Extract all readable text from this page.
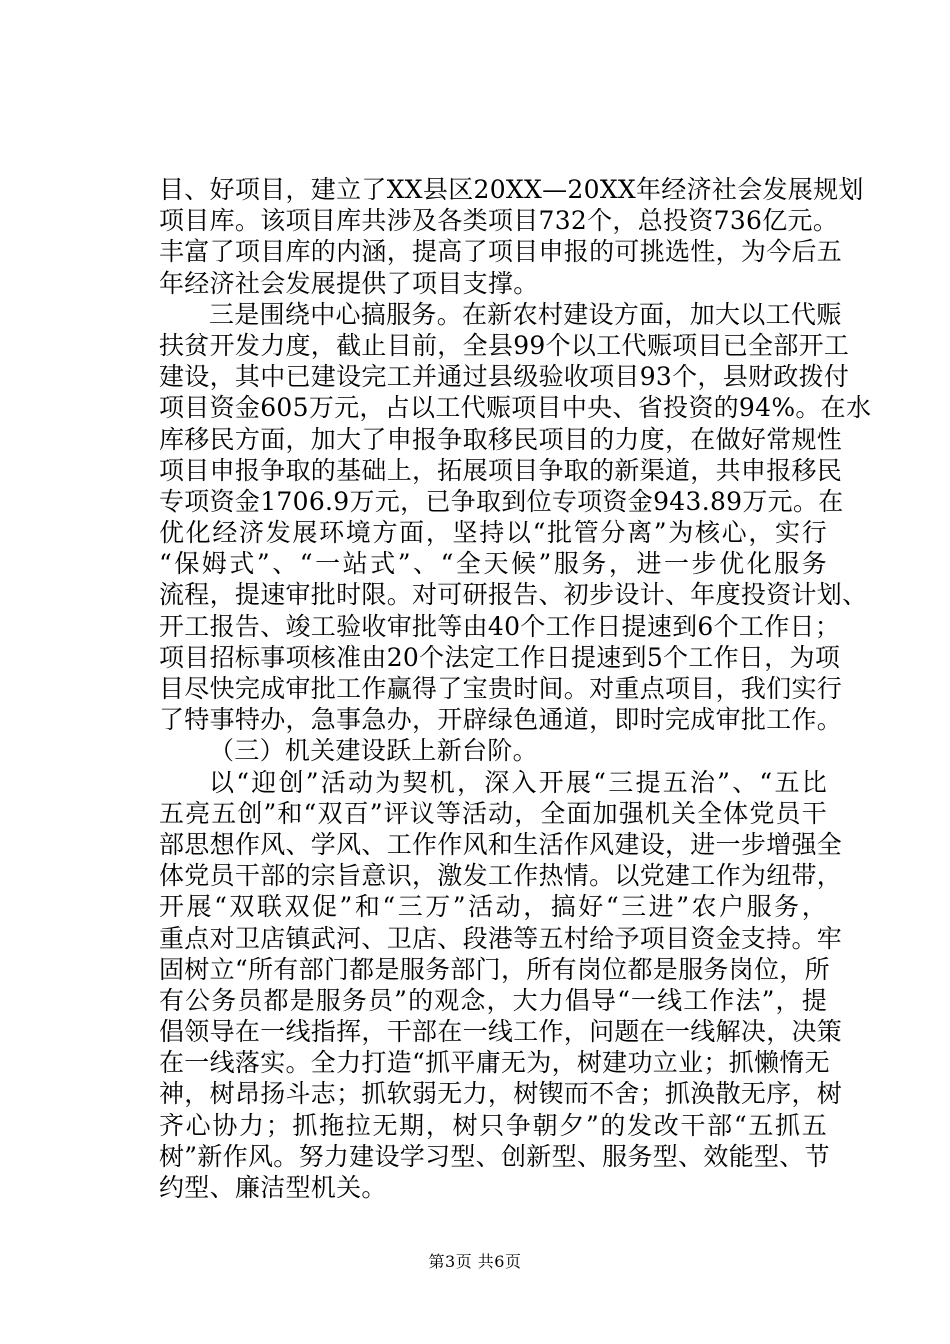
目、好项目，建立了XX县区20XX—20XX年经济社会发展规划
项目库。该项目库共涉及各类项目732个，总投资736亿元。
丰富了项目库的内涵，提高了项目申报的可挑选性，为今后五
年经济社会发展提供了项目支撑。
三是围绕中心搞服务。在新农村建设方面，加大以工代赈
扶贫开发力度，截止目前，全县99个以工代赈项目已全部开工
建设，其中已建设完工并通过县级验收项目93个，县财政拨付
项目资金605万元，占以工代赈项目中央、省投资的94%。在水
库移民方面，加大了申报争取移民项目的力度，在做好常规性
项目申报争取的基础上，拓展项目争取的新渠道，共申报移民
专项资金1706.9万元，已争取到位专项资金943.89万元。在
优化经济发展环境方面，坚持以“批管分离”为核心，实行
“保姆式”、“一站式”、“全天候”服务，进一步优化服务
流程，提速审批时限。对可研报告、初步设计、年度投资计划、
开工报告、竣工验收审批等由40个工作日提速到6个工作日；
项目招标事项核准由20个法定工作日提速到5个工作日，为项
目尽快完成审批工作赢得了宝贵时间。对重点项目，我们实行
了特事特办，急事急办，开辟绿色通道，即时完成审批工作。
（三）机关建设跃上新台阶。
以“迎创”活动为契机，深入开展“三提五治”、“五比
五亮五创”和“双百”评议等活动，全面加强机关全体党员干
部思想作风、学风、工作作风和生活作风建设，进一步增强全
体党员干部的宗旨意识，激发工作热情。以党建工作为纽带，
开展“双联双促”和“三万”活动，搞好“三进”农户服务，
重点对卫店镇武河、卫店、段港等五村给予项目资金支持。牢
固树立“所有部门都是服务部门，所有岗位都是服务岗位，所
有公务员都是服务员”的观念，大力倡导“一线工作法”，提
倡领导在一线指挥，干部在一线工作，问题在一线解决，决策
在一线落实。全力打造“抓平庸无为，树建功立业；抓懒惰无
神，树昂扬斗志；抓软弱无力，树锲而不舍；抓涣散无序，树
齐心协力；抓拖拉无期，树只争朝夕”的发改干部“五抓五
树”新作风。努力建设学习型、创新型、服务型、效能型、节
约型、廉洁型机关。
第3页 共6页
